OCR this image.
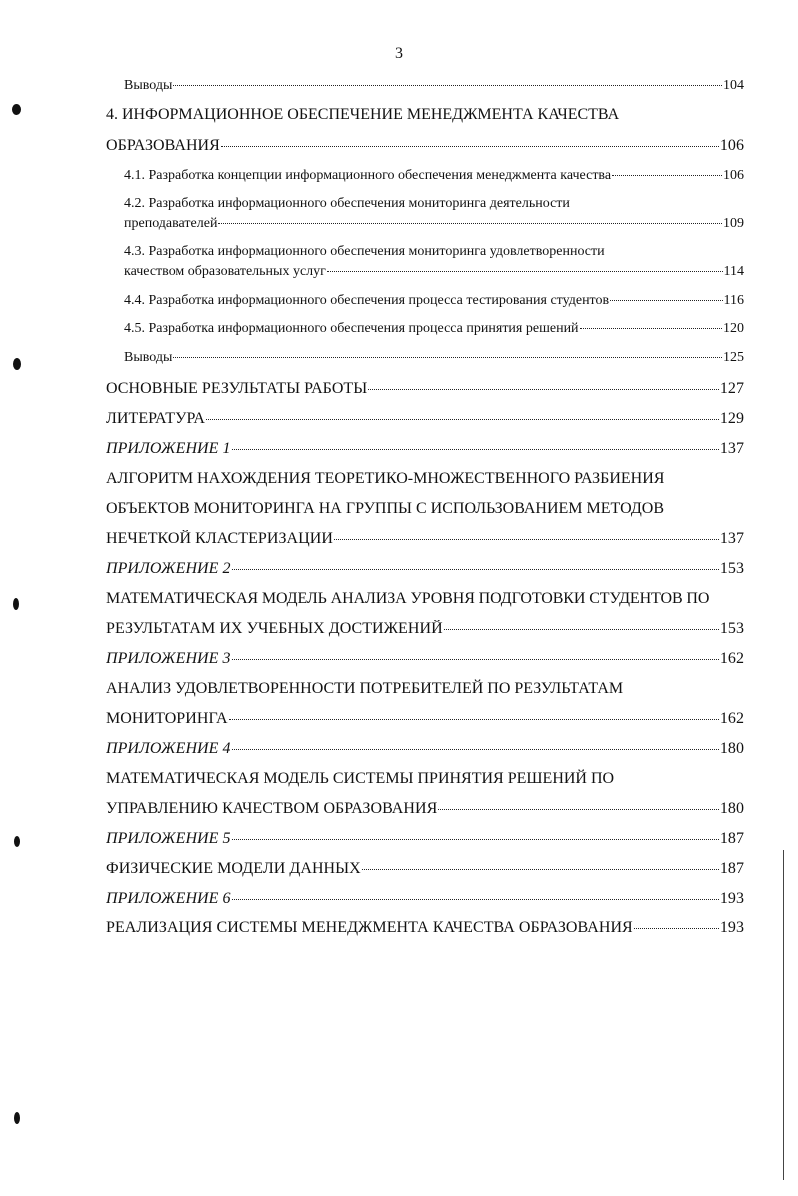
3
Выводы	104
4. ИНФОРМАЦИОННОЕ ОБЕСПЕЧЕНИЕ МЕНЕДЖМЕНТА КАЧЕСТВА
ОБРАЗОВАНИЯ	106
4.1. Разработка концепции информационного обеспечения менеджмента качества	106
4.2. Разработка информационного обеспечения мониторинга деятельности
преподавателей	109
4.3. Разработка информационного обеспечения мониторинга удовлетворенности
качеством образовательных услуг	114
4.4. Разработка информационного обеспечения процесса тестирования студентов	116
4.5. Разработка информационного обеспечения процесса принятия решений	120
Выводы	125
ОСНОВНЫЕ РЕЗУЛЬТАТЫ РАБОТЫ	127
ЛИТЕРАТУРА	129
ПРИЛОЖЕНИЕ 1	137
АЛГОРИТМ НАХОЖДЕНИЯ ТЕОРЕТИКО-МНОЖЕСТВЕННОГО РАЗБИЕНИЯ
ОБЪЕКТОВ МОНИТОРИНГА НА ГРУППЫ С ИСПОЛЬЗОВАНИЕМ МЕТОДОВ
НЕЧЕТКОЙ КЛАСТЕРИЗАЦИИ	137
ПРИЛОЖЕНИЕ 2	153
МАТЕМАТИЧЕСКАЯ МОДЕЛЬ АНАЛИЗА УРОВНЯ ПОДГОТОВКИ СТУДЕНТОВ ПО
РЕЗУЛЬТАТАМ ИХ УЧЕБНЫХ ДОСТИЖЕНИЙ	153
ПРИЛОЖЕНИЕ 3	162
АНАЛИЗ УДОВЛЕТВОРЕННОСТИ ПОТРЕБИТЕЛЕЙ ПО РЕЗУЛЬТАТАМ
МОНИТОРИНГА	162
ПРИЛОЖЕНИЕ 4	180
МАТЕМАТИЧЕСКАЯ МОДЕЛЬ СИСТЕМЫ ПРИНЯТИЯ РЕШЕНИЙ ПО
УПРАВЛЕНИЮ КАЧЕСТВОМ ОБРАЗОВАНИЯ	180
ПРИЛОЖЕНИЕ 5	187
ФИЗИЧЕСКИЕ МОДЕЛИ ДАННЫХ	187
ПРИЛОЖЕНИЕ 6	193
РЕАЛИЗАЦИЯ СИСТЕМЫ МЕНЕДЖМЕНТА КАЧЕСТВА ОБРАЗОВАНИЯ	193
